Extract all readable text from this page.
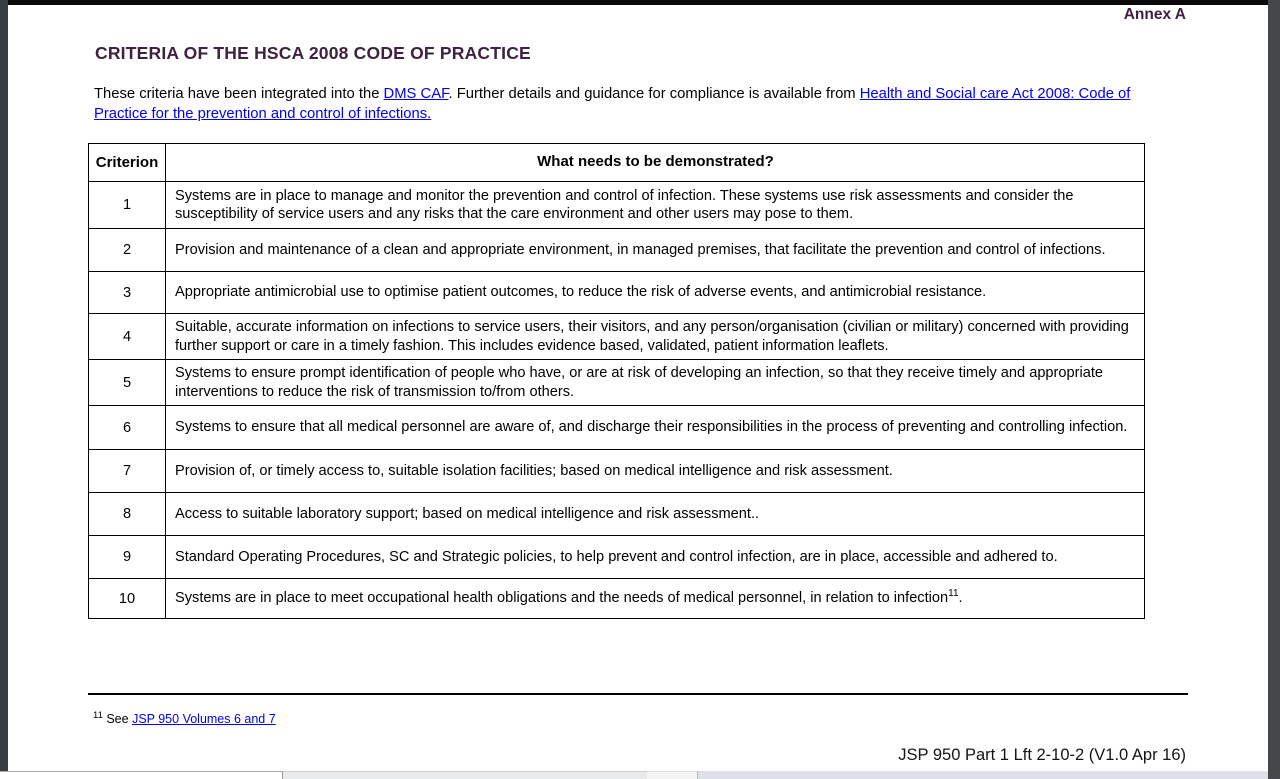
Annex A
CRITERIA OF THE HSCA 2008 CODE OF PRACTICE

These criteria have been integrated into the DMS CAF. Further details and guidance for compliance is available from Health and Social care Act 2008: Code of Practice for the prevention and control of infections.

Criterion	What needs to be demonstrated?
1	Systems are in place to manage and monitor the prevention and control of infection. These systems use risk assessments and consider the susceptibility of service users and any risks that the care environment and other users may pose to them.
2	Provision and maintenance of a clean and appropriate environment, in managed premises, that facilitate the prevention and control of infections.
3	Appropriate antimicrobial use to optimise patient outcomes, to reduce the risk of adverse events, and antimicrobial resistance.
4	Suitable, accurate information on infections to service users, their visitors, and any person/organisation (civilian or military) concerned with providing further support or care in a timely fashion. This includes evidence based, validated, patient information leaflets.
5	Systems to ensure prompt identification of people who have, or are at risk of developing an infection, so that they receive timely and appropriate interventions to reduce the risk of transmission to/from others.
6	Systems to ensure that all medical personnel are aware of, and discharge their responsibilities in the process of preventing and controlling infection.
7	Provision of, or timely access to, suitable isolation facilities; based on medical intelligence and risk assessment.
8	Access to suitable laboratory support; based on medical intelligence and risk assessment..
9	Standard Operating Procedures, SC and Strategic policies, to help prevent and control infection, are in place, accessible and adhered to.
10	Systems are in place to meet occupational health obligations and the needs of medical personnel, in relation to infection$^{11}$.
$^{11}$ See JSP 950 Volumes 6 and 7
JSP 950 Part 1 Lft 2-10-2 (V1.0 Apr 16)
